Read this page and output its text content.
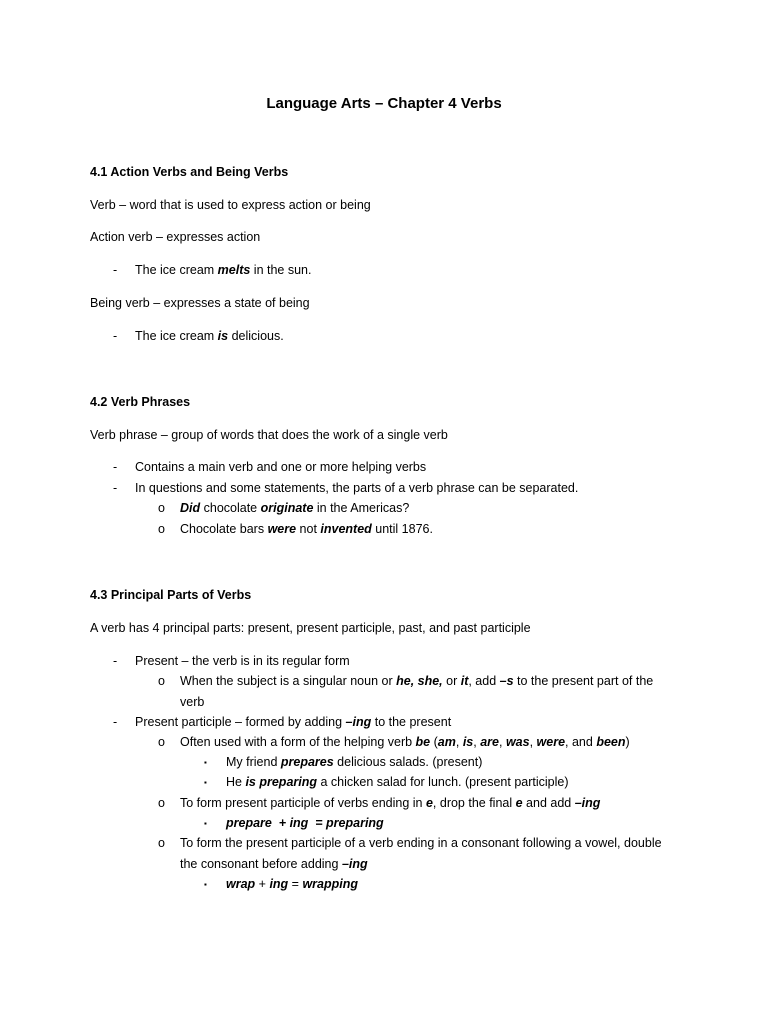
Language Arts – Chapter 4 Verbs
4.1 Action Verbs and Being Verbs
Verb – word that is used to express action or being
Action verb – expresses action
- The ice cream melts in the sun.
Being verb – expresses a state of being
- The ice cream is delicious.
4.2 Verb Phrases
Verb phrase – group of words that does the work of a single verb
- Contains a main verb and one or more helping verbs
- In questions and some statements, the parts of a verb phrase can be separated.
o Did chocolate originate in the Americas?
o Chocolate bars were not invented until 1876.
4.3 Principal Parts of Verbs
A verb has 4 principal parts: present, present participle, past, and past participle
- Present – the verb is in its regular form
o When the subject is a singular noun or he, she, or it, add –s to the present part of the
verb
- Present participle – formed by adding –ing to the present
o Often used with a form of the helping verb be (am, is, are, was, were, and been)
▪ My friend prepares delicious salads. (present)
▪ He is preparing a chicken salad for lunch. (present participle)
o To form present participle of verbs ending in e, drop the final e and add –ing
▪ prepare  + ing  = preparing
o To form the present participle of a verb ending in a consonant following a vowel, double
the consonant before adding –ing
▪ wrap + ing = wrapping
